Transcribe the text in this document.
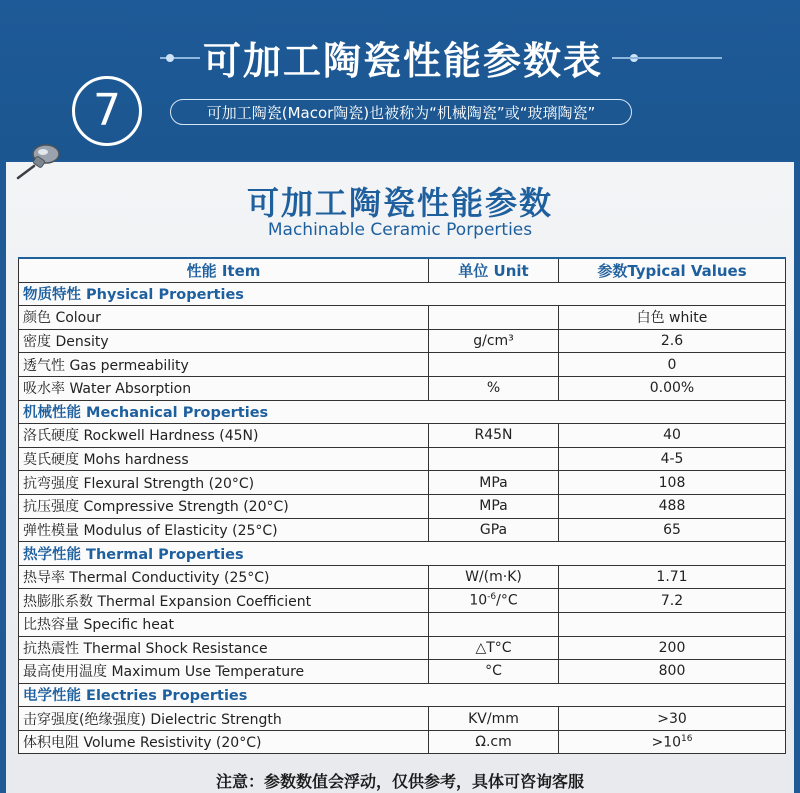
可加工陶瓷性能参数表
7	可加工陶瓷(Macor陶瓷)也被称为“机械陶瓷”或“玻璃陶瓷”
可加工陶瓷性能参数
Machinable Ceramic Porperties
性能 Item	单位 Unit	参数Typical Values
物质特性 Physical Properties		
颜色 Colour		白色 white
密度 Density	g/cm³	2.6
透气性 Gas permeability		0
吸水率 Water Absorption	%	0.00%
机械性能 Mechanical Properties		
洛氏硬度 Rockwell Hardness (45N)	R45N	40
莫氏硬度 Mohs hardness		4-5
抗弯强度 Flexural Strength (20°C)	MPa	108
抗压强度 Compressive Strength (20°C)	MPa	488
弹性模量 Modulus of Elasticity (25°C)	GPa	65
热学性能 Thermal Properties		
热导率 Thermal Conductivity (25°C)	W/(m·K)	1.71
热膨胀系数 Thermal Expansion Coefficient	$10^{-6}/^\circ C$	7.2
比热容量 Specific heat		
抗热震性 Thermal Shock Resistance	△T°C	200
最高使用温度 Maximum Use Temperature	°C	800
电学性能 Electries Properties		
击穿强度(绝缘强度) Dielectric Strength	KV/mm	>30
体积电阻 Volume Resistivity (20°C)	Ω.cm	$>10^{16}$
注意：参数数值会浮动，仅供参考，具体可咨询客服
